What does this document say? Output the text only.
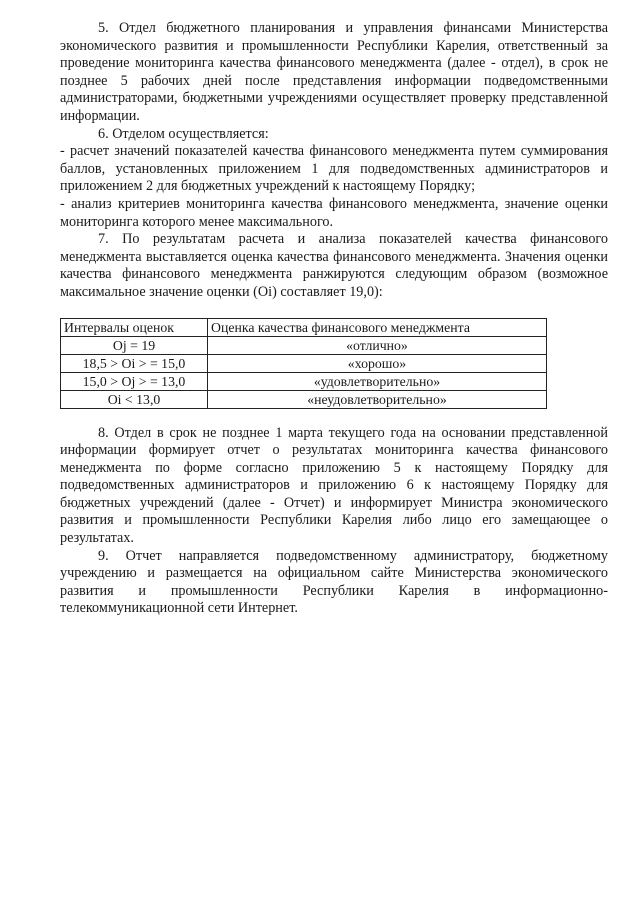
5. Отдел бюджетного планирования и управления финансами Министерства экономического развития и промышленности Республики Карелия, ответственный за проведение мониторинга качества финансового менеджмента (далее - отдел), в срок не позднее 5 рабочих дней после представления информации подведомственными администраторами, бюджетными учреждениями осуществляет проверку представленной информации.

6. Отделом осуществляется:

- расчет значений показателей качества финансового менеджмента путем суммирования баллов, установленных приложением 1 для подведомственных администраторов и приложением 2 для бюджетных учреждений к настоящему Порядку;

- анализ критериев мониторинга качества финансового менеджмента, значение оценки мониторинга которого менее максимального.

7. По результатам расчета и анализа показателей качества финансового менеджмента выставляется оценка качества финансового менеджмента. Значения оценки качества финансового менеджмента ранжируются следующим образом (возможное максимальное значение оценки (Oi) составляет 19,0):

Интервалы оценок	Оценка качества финансового менеджмента
Oj = 19	«отлично»
18,5 > Oi > = 15,0	«хорошо»
15,0 > Oj > = 13,0	«удовлетворительно»
Oi < 13,0	«неудовлетворительно»

8. Отдел в срок не позднее 1 марта текущего года на основании представленной информации формирует отчет о результатах мониторинга качества финансового менеджмента по форме согласно приложению 5 к настоящему Порядку для подведомственных администраторов и приложению 6 к настоящему Порядку для бюджетных учреждений (далее - Отчет) и информирует Министра экономического развития и промышленности Республики Карелия либо лицо его замещающее о результатах.

9. Отчет направляется подведомственному администратору, бюджетному учреждению и размещается на официальном сайте Министерства экономического развития и промышленности Республики Карелия в информационно-телекоммуникационной сети Интернет.
